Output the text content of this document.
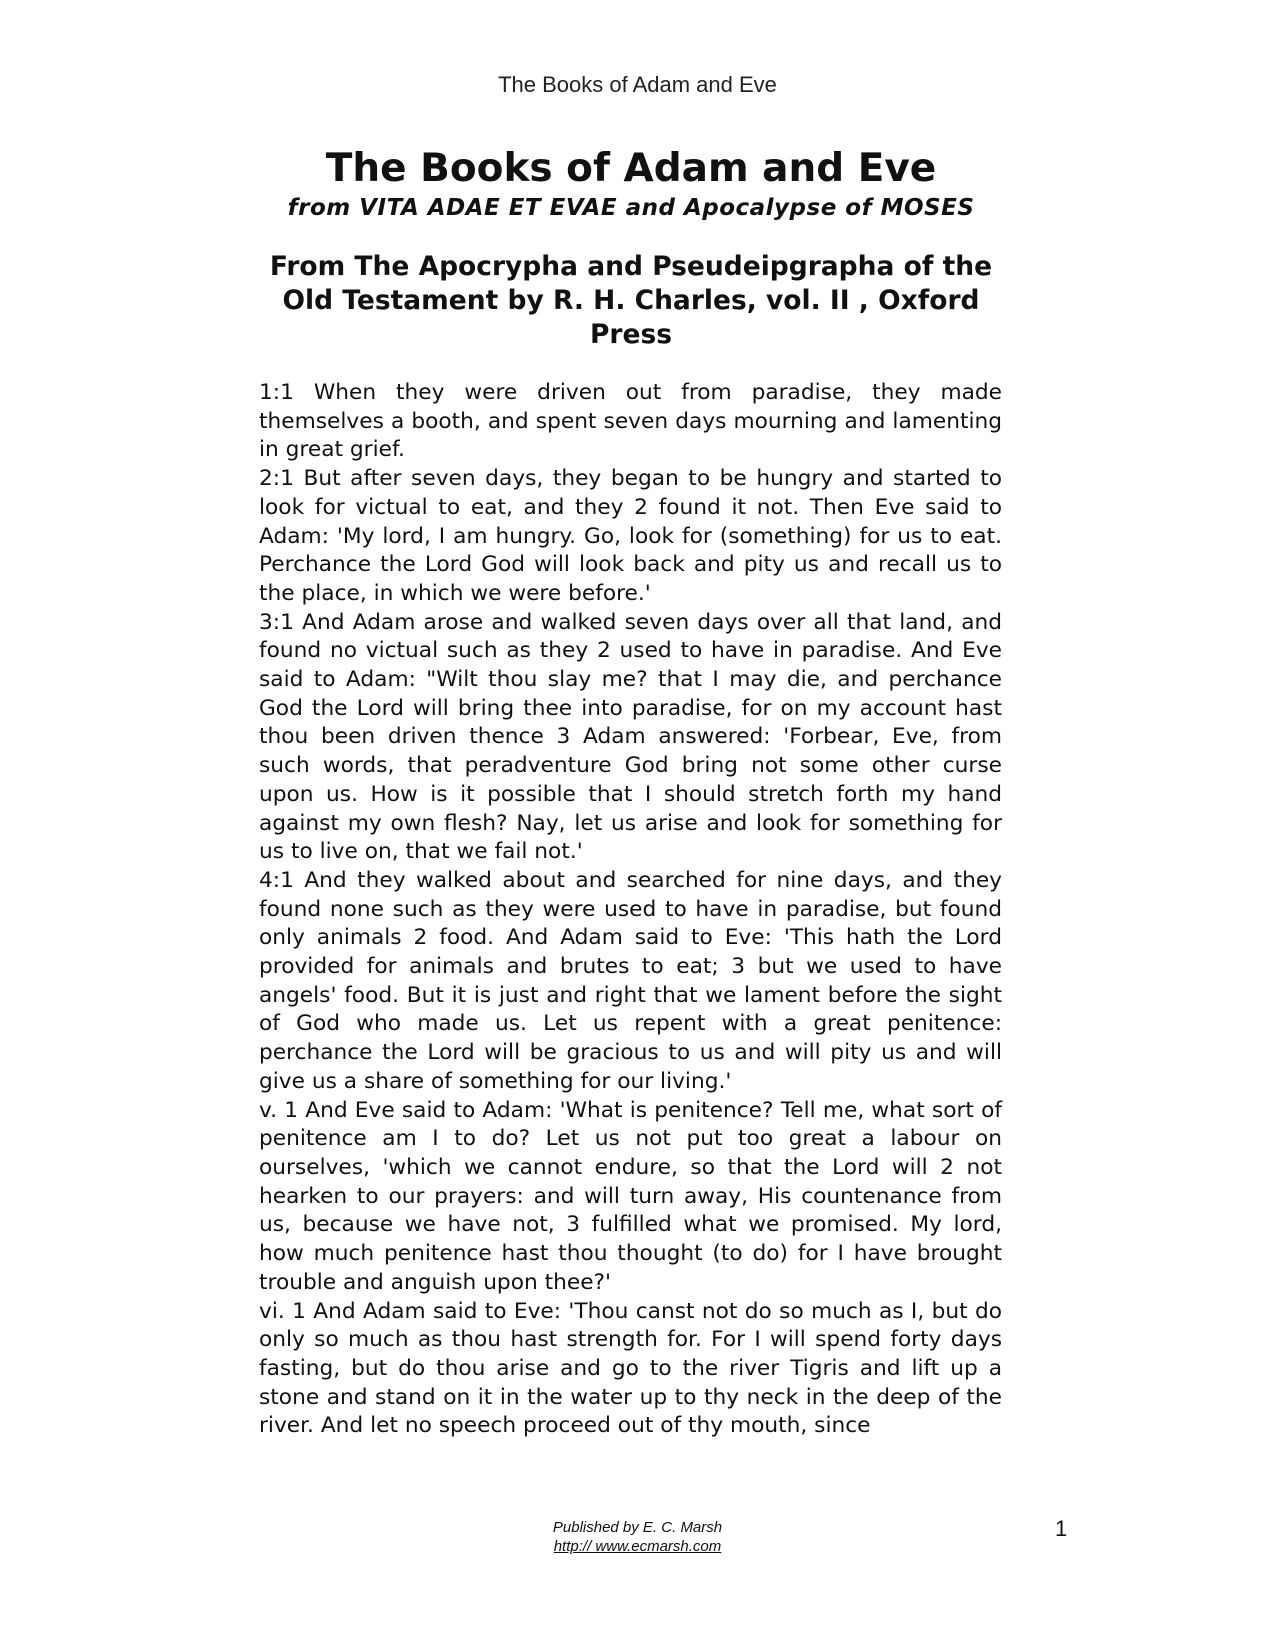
The Books of Adam and Eve
The Books of Adam and Eve
from VITA ADAE ET EVAE and Apocalypse of MOSES
From The Apocrypha and Pseudeipgrapha of the Old Testament by R. H. Charles, vol. II , Oxford Press

1:1 When they were driven out from paradise, they made themselves a booth, and spent seven days mourning and lamenting in great grief.

2:1 But after seven days, they began to be hungry and started to look for victual to eat, and they 2 found it not. Then Eve said to Adam: 'My lord, I am hungry. Go, look for (something) for us to eat. Perchance the Lord God will look back and pity us and recall us to the place, in which we were before.'

3:1 And Adam arose and walked seven days over all that land, and found no victual such as they 2 used to have in paradise. And Eve said to Adam: "Wilt thou slay me? that I may die, and perchance God the Lord will bring thee into paradise, for on my account hast thou been driven thence 3 Adam answered: 'Forbear, Eve, from such words, that peradventure God bring not some other curse upon us. How is it possible that I should stretch forth my hand against my own flesh? Nay, let us arise and look for something for us to live on, that we fail not.'

4:1 And they walked about and searched for nine days, and they found none such as they were used to have in paradise, but found only animals 2 food. And Adam said to Eve: 'This hath the Lord provided for animals and brutes to eat; 3 but we used to have angels' food. But it is just and right that we lament before the sight of God who made us. Let us repent with a great penitence: perchance the Lord will be gracious to us and will pity us and will give us a share of something for our living.'

v. 1 And Eve said to Adam: 'What is penitence? Tell me, what sort of penitence am I to do? Let us not put too great a labour on ourselves, 'which we cannot endure, so that the Lord will 2 not hearken to our prayers: and will turn away, His countenance from us, because we have not, 3 fulfilled what we promised. My lord, how much penitence hast thou thought (to do) for I have brought trouble and anguish upon thee?'

vi. 1 And Adam said to Eve: 'Thou canst not do so much as I, but do only so much as thou hast strength for. For I will spend forty days fasting, but do thou arise and go to the river Tigris and lift up a stone and stand on it in the water up to thy neck in the deep of the river. And let no speech proceed out of thy mouth, since

Published by E. C. Marsh
http:// www.ecmarsh.com
1
